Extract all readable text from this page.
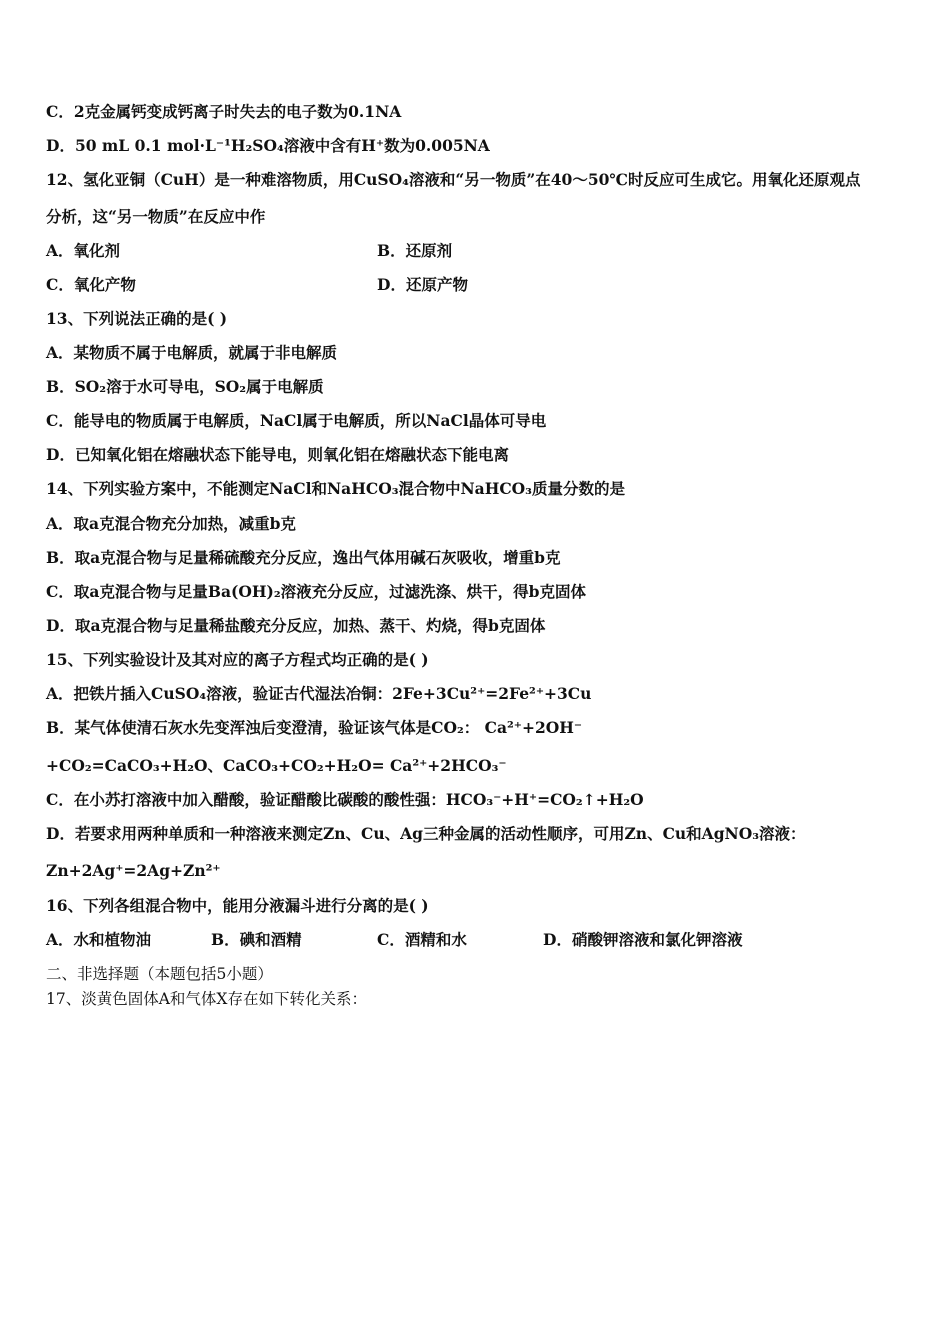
C．2克金属钙变成钙离子时失去的电子数为0.1NA
D．50 mL 0.1 mol·L⁻¹H₂SO₄溶液中含有H⁺数为0.005NA
12、氢化亚铜（CuH）是一种难溶物质，用CuSO₄溶液和“另一物质”在40～50℃时反应可生成它。用氧化还原观点
分析，这“另一物质”在反应中作
A．氧化剂	B．还原剂
C．氧化产物	D．还原产物
13、下列说法正确的是( )
A．某物质不属于电解质，就属于非电解质
B．SO₂溶于水可导电，SO₂属于电解质
C．能导电的物质属于电解质，NaCl属于电解质，所以NaCl晶体可导电
D．已知氧化铝在熔融状态下能导电，则氧化铝在熔融状态下能电离
14、下列实验方案中，不能测定NaCl和NaHCO₃混合物中NaHCO₃质量分数的是
A．取a克混合物充分加热，减重b克
B．取a克混合物与足量稀硫酸充分反应，逸出气体用碱石灰吸收，增重b克
C．取a克混合物与足量Ba(OH)₂溶液充分反应，过滤洗涤、烘干，得b克固体
D．取a克混合物与足量稀盐酸充分反应，加热、蒸干、灼烧，得b克固体
15、下列实验设计及其对应的离子方程式均正确的是( )
A．把铁片插入CuSO₄溶液，验证古代湿法冶铜：2Fe+3Cu²⁺=2Fe²⁺+3Cu
B．某气体使清石灰水先变浑浊后变澄清，验证该气体是CO₂： Ca²⁺+2OH⁻
+CO₂=CaCO₃+H₂O、CaCO₃+CO₂+H₂O= Ca²⁺+2HCO₃⁻
C．在小苏打溶液中加入醋酸，验证醋酸比碳酸的酸性强：HCO₃⁻+H⁺=CO₂↑+H₂O
D．若要求用两种单质和一种溶液来测定Zn、Cu、Ag三种金属的活动性顺序，可用Zn、Cu和AgNO₃溶液：
Zn+2Ag⁺=2Ag+Zn²⁺
16、下列各组混合物中，能用分液漏斗进行分离的是( )
A．水和植物油	B．碘和酒精	C．酒精和水	D．硝酸钾溶液和氯化钾溶液
二、非选择题（本题包括5小题）
17、淡黄色固体A和气体X存在如下转化关系：
